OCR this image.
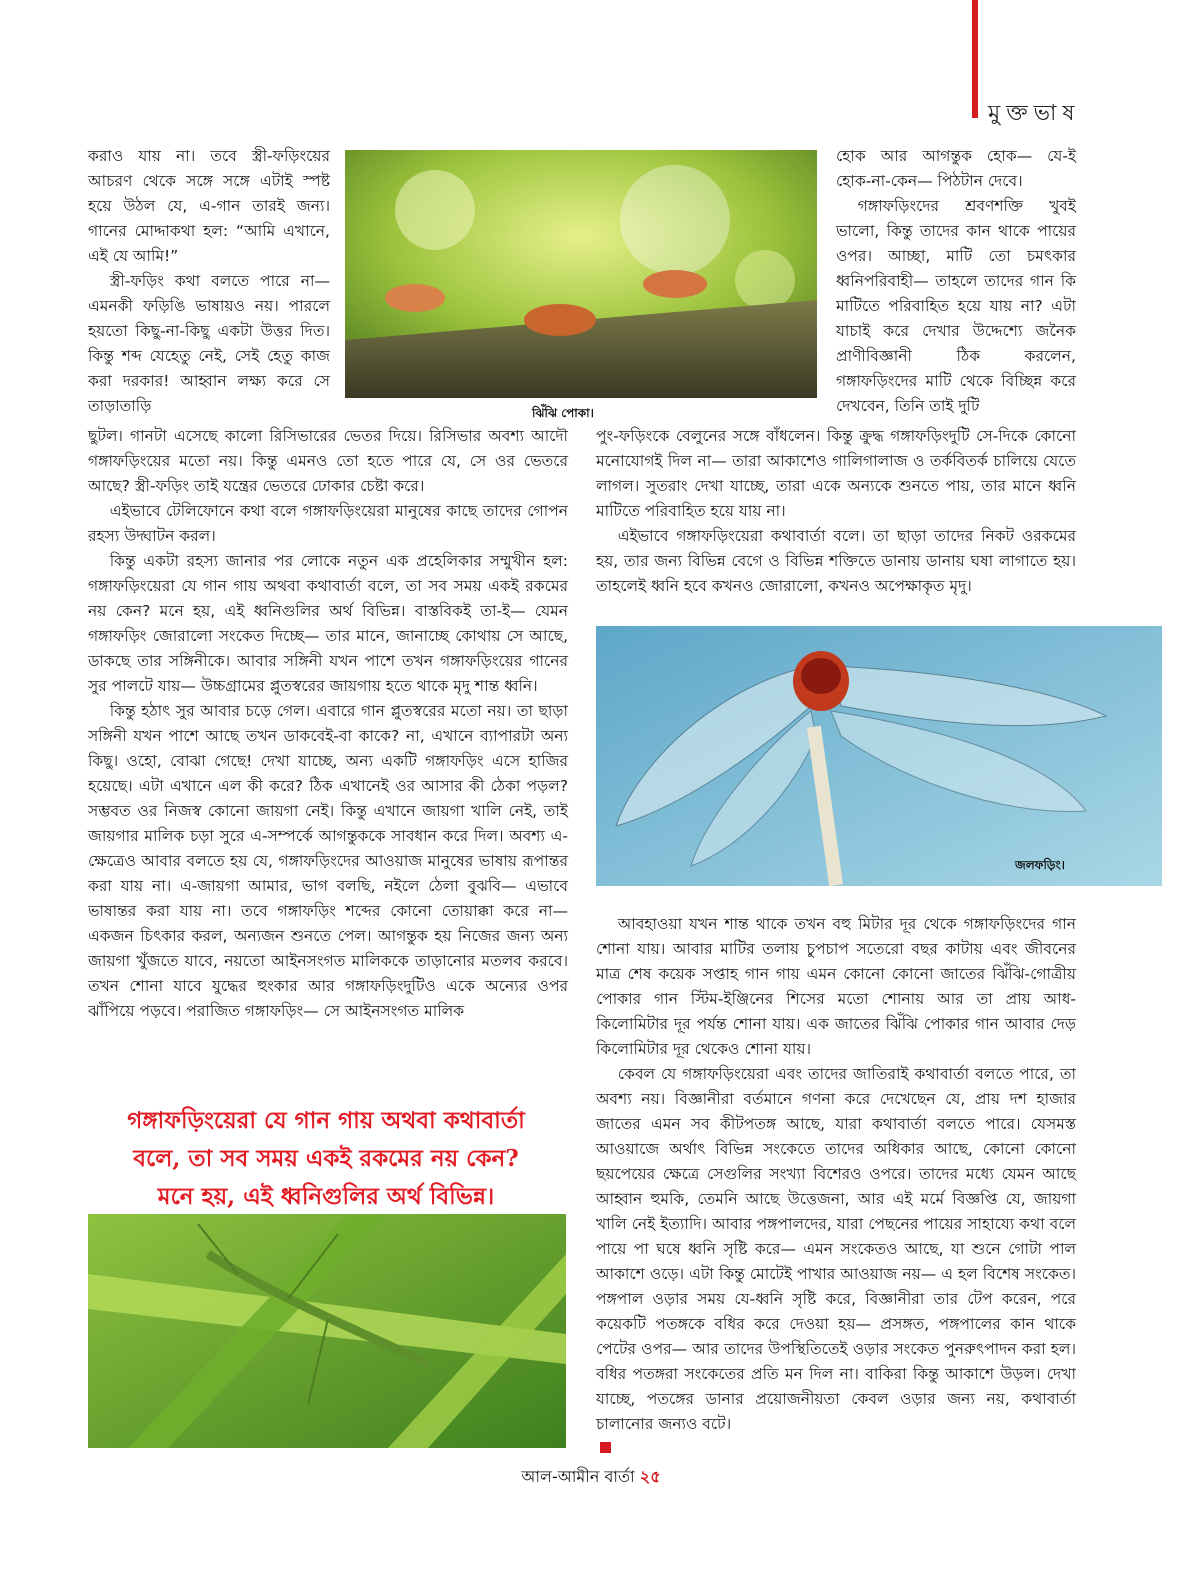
মুক্তভাষ

করাও যায় না। তবে স্ত্রী-ফড়িংয়ের আচরণ থেকে সঙ্গে সঙ্গে এটাই স্পষ্ট হয়ে উঠল যে, এ-গান তারই জন্য। গানের মোদ্দাকথা হল: “আমি এখানে, এই যে আমি!”

স্ত্রী-ফড়িং কথা বলতে পারে না— এমনকী ফড়িঙি ভাষায়ও নয়। পারলে হয়তো কিছু-না-কিছু একটা উত্তর দিত। কিন্তু শব্দ যেহেতু নেই, সেই হেতু কাজ করা দরকার! আহ্বান লক্ষ্য করে সে তাড়াতাড়ি	ঝিঁঝি পোকা।

হোক আর আগন্তুক হোক— যে-ই হোক-না-কেন— পিঠটান দেবে।

গঙ্গাফড়িংদের শ্রবণশক্তি খুবই ভালো, কিন্তু তাদের কান থাকে পায়ের ওপর। আচ্ছা, মাটি তো চমৎকার ধ্বনিপরিবাহী— তাহলে তাদের গান কি মাটিতে পরিবাহিত হয়ে যায় না? এটা যাচাই করে দেখার উদ্দেশ্যে জনৈক প্রাণীবিজ্ঞানী ঠিক করলেন, গঙ্গাফড়িংদের মাটি থেকে বিচ্ছিন্ন করে দেখবেন, তিনি তাই দুটি

ছুটল। গানটা এসেছে কালো রিসিভারের ভেতর দিয়ে। রিসিভার অবশ্য আদৌ গঙ্গাফড়িংয়ের মতো নয়। কিন্তু এমনও তো হতে পারে যে, সে ওর ভেতরে আছে? স্ত্রী-ফড়িং তাই যন্ত্রের ভেতরে ঢোকার চেষ্টা করে।

এইভাবে টেলিফোনে কথা বলে গঙ্গাফড়িংয়েরা মানুষের কাছে তাদের গোপন রহস্য উদ্ঘাটন করল।

কিন্তু একটা রহস্য জানার পর লোকে নতুন এক প্রহেলিকার সম্মুখীন হল: গঙ্গাফড়িংয়েরা যে গান গায় অথবা কথাবার্তা বলে, তা সব সময় একই রকমের নয় কেন? মনে হয়, এই ধ্বনিগুলির অর্থ বিভিন্ন। বাস্তবিকই তা-ই— যেমন গঙ্গাফড়িং জোরালো সংকেত দিচ্ছে— তার মানে, জানাচ্ছে কোথায় সে আছে, ডাকছে তার সঙ্গিনীকে। আবার সঙ্গিনী যখন পাশে তখন গঙ্গাফড়িংয়ের গানের সুর পালটে যায়— উচ্চগ্রামের প্লুতস্বরের জায়গায় হতে থাকে মৃদু শান্ত ধ্বনি।

কিন্তু হঠাৎ সুর আবার চড়ে গেল। এবারে গান প্লুতস্বরের মতো নয়। তা ছাড়া সঙ্গিনী যখন পাশে আছে তখন ডাকবেই-বা কাকে? না, এখানে ব্যাপারটা অন্য কিছু। ওহো, বোঝা গেছে! দেখা যাচ্ছে, অন্য একটি গঙ্গাফড়িং এসে হাজির হয়েছে। এটা এখানে এল কী করে? ঠিক এখানেই ওর আসার কী ঠেকা পড়ল? সম্ভবত ওর নিজস্ব কোনো জায়গা নেই। কিন্তু এখানে জায়গা খালি নেই, তাই জায়গার মালিক চড়া সুরে এ-সম্পর্কে আগন্তুককে সাবধান করে দিল। অবশ্য এ-ক্ষেত্রেও আবার বলতে হয় যে, গঙ্গাফড়িংদের আওয়াজ মানুষের ভাষায় রূপান্তর করা যায় না। এ-জায়গা আমার, ভাগ বলছি, নইলে ঠেলা বুঝবি— এভাবে ভাষান্তর করা যায় না। তবে গঙ্গাফড়িং শব্দের কোনো তোয়াক্কা করে না— একজন চিৎকার করল, অন্যজন শুনতে পেল। আগন্তুক হয় নিজের জন্য অন্য জায়গা খুঁজতে যাবে, নয়তো আইনসংগত মালিককে তাড়ানোর মতলব করবে। তখন শোনা যাবে যুদ্ধের হুংকার আর গঙ্গাফড়িংদুটিও একে অন্যের ওপর ঝাঁপিয়ে পড়বে। পরাজিত গঙ্গাফড়িং— সে আইনসংগত মালিক

পুং-ফড়িংকে বেলুনের সঙ্গে বাঁধলেন। কিন্তু ক্রুদ্ধ গঙ্গাফড়িংদুটি সে-দিকে কোনো মনোযোগই দিল না— তারা আকাশেও গালিগালাজ ও তর্কবিতর্ক চালিয়ে যেতে লাগল। সুতরাং দেখা যাচ্ছে, তারা একে অন্যকে শুনতে পায়, তার মানে ধ্বনি মাটিতে পরিবাহিত হয়ে যায় না।

এইভাবে গঙ্গাফড়িংয়েরা কথাবার্তা বলে। তা ছাড়া তাদের নিকট ওরকমের হয়, তার জন্য বিভিন্ন বেগে ও বিভিন্ন শক্তিতে ডানায় ডানায় ঘষা লাগাতে হয়। তাহলেই ধ্বনি হবে কখনও জোরালো, কখনও অপেক্ষাকৃত মৃদু।

জলফড়িং।

আবহাওয়া যখন শান্ত থাকে তখন বহু মিটার দূর থেকে গঙ্গাফড়িংদের গান শোনা যায়। আবার মাটির তলায় চুপচাপ সতেরো বছর কাটায় এবং জীবনের মাত্র শেষ কয়েক সপ্তাহ গান গায় এমন কোনো কোনো জাতের ঝিঁঝি-গোত্রীয় পোকার গান স্টিম-ইঞ্জিনের শিসের মতো শোনায় আর তা প্রায় আধ-কিলোমিটার দূর পর্যন্ত শোনা যায়। এক জাতের ঝিঁঝি পোকার গান আবার দেড় কিলোমিটার দূর থেকেও শোনা যায়।

কেবল যে গঙ্গাফড়িংয়েরা এবং তাদের জাতিরাই কথাবার্তা বলতে পারে, তা অবশ্য নয়। বিজ্ঞানীরা বর্তমানে গণনা করে দেখেছেন যে, প্রায় দশ হাজার জাতের এমন সব কীটপতঙ্গ আছে, যারা কথাবার্তা বলতে পারে। যেসমস্ত আওয়াজে অর্থাৎ বিভিন্ন সংকেতে তাদের অধিকার আছে, কোনো কোনো ছয়পেয়ের ক্ষেত্রে সেগুলির সংখ্যা বিশেরও ওপরে। তাদের মধ্যে যেমন আছে আহ্বান হুমকি, তেমনি আছে উত্তেজনা, আর এই মর্মে বিজ্ঞপ্তি যে, জায়গা খালি নেই ইত্যাদি। আবার পঙ্গপালদের, যারা পেছনের পায়ের সাহায্যে কথা বলে পায়ে পা ঘষে ধ্বনি সৃষ্টি করে— এমন সংকেতও আছে, যা শুনে গোটা পাল আকাশে ওড়ে। এটা কিন্তু মোটেই পাখার আওয়াজ নয়— এ হল বিশেষ সংকেত। পঙ্গপাল ওড়ার সময় যে-ধ্বনি সৃষ্টি করে, বিজ্ঞানীরা তার টেপ করেন, পরে কয়েকটি পতঙ্গকে বধির করে দেওয়া হয়— প্রসঙ্গত, পঙ্গপালের কান থাকে পেটের ওপর— আর তাদের উপস্থিতিতেই ওড়ার সংকেত পুনরুৎপাদন করা হল। বধির পতঙ্গরা সংকেতের প্রতি মন দিল না। বাকিরা কিন্তু আকাশে উড়ল। দেখা যাচ্ছে, পতঙ্গের ডানার প্রয়োজনীয়তা কেবল ওড়ার জন্য নয়, কথাবার্তা চালানোর জন্যও বটে।

গঙ্গাফড়িংয়েরা যে গান গায় অথবা কথাবার্তা
বলে, তা সব সময় একই রকমের নয় কেন?
মনে হয়, এই ধ্বনিগুলির অর্থ বিভিন্ন।
আল-আমীন বার্তা ২৫
